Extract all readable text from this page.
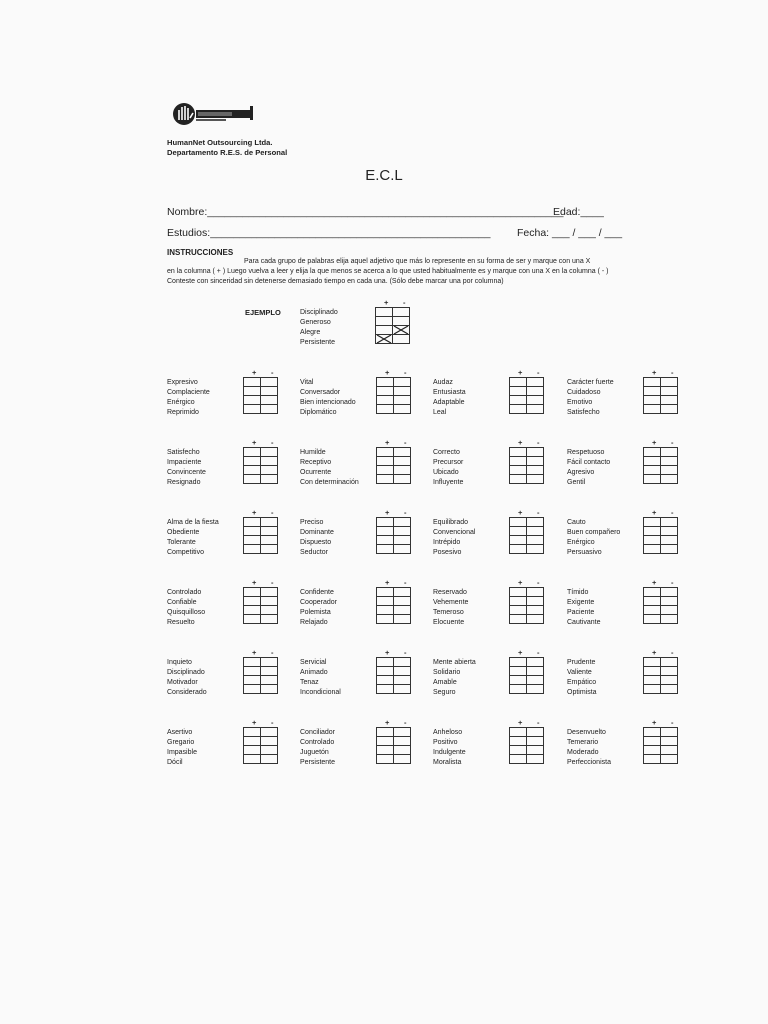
HumanNet Outsourcing Ltda.
Departamento R.E.S. de Personal
E.C.L
Nombre:_____________________________________________________________
Edad:____
Estudios:________________________________________________	Fecha: ___ / ___ / ___
INSTRUCCIONES
Para cada grupo de palabras elija aquel adjetivo que más lo represente en su forma de ser y marque con una X
en la columna ( + ) Luego vuelva a leer y elija la que menos se acerca a lo que usted habitualmente es y marque con una X en la columna ( - )
Conteste con sinceridad sin detenerse demasiado tiempo en cada una. (Sólo debe marcar una por columna)
EJEMPLO	Disciplinado
Generoso
Alegre
Persistente
+ -

Expresivo
Complaciente
Enérgico
Reprimido
+ -

Vital
Conversador
Bien intencionado
Diplomático
+ -

Audaz
Entusiasta
Adaptable
Leal
+ -

Carácter fuerte
Cuidadoso
Emotivo
Satisfecho
+ -

Satisfecho
Impaciente
Convincente
Resignado
+ -

Humilde
Receptivo
Ocurrente
Con determinación
+ -

Correcto
Precursor
Ubicado
Influyente
+ -

Respetuoso
Fácil contacto
Agresivo
Gentil
+ -

Alma de la fiesta
Obediente
Tolerante
Competitivo
+ -

Preciso
Dominante
Dispuesto
Seductor
+ -

Equilibrado
Convencional
Intrépido
Posesivo
+ -

Cauto
Buen compañero
Enérgico
Persuasivo
+ -

Controlado
Confiable
Quisquilloso
Resuelto
+ -

Confidente
Cooperador
Polemista
Relajado
+ -

Reservado
Vehemente
Temeroso
Elocuente
+ -

Tímido
Exigente
Paciente
Cautivante
+ -

Inquieto
Disciplinado
Motivador
Considerado
+ -

Servicial
Animado
Tenaz
Incondicional
+ -

Mente abierta
Solidario
Amable
Seguro
+ -

Prudente
Valiente
Empático
Optimista
+ -

Asertivo
Gregario
Impasible
Dócil
+ -

Conciliador
Controlado
Juguetón
Persistente
+ -

Anheloso
Positivo
Indulgente
Moralista
+ -

Desenvuelto
Temerario
Moderado
Perfeccionista
+ -
